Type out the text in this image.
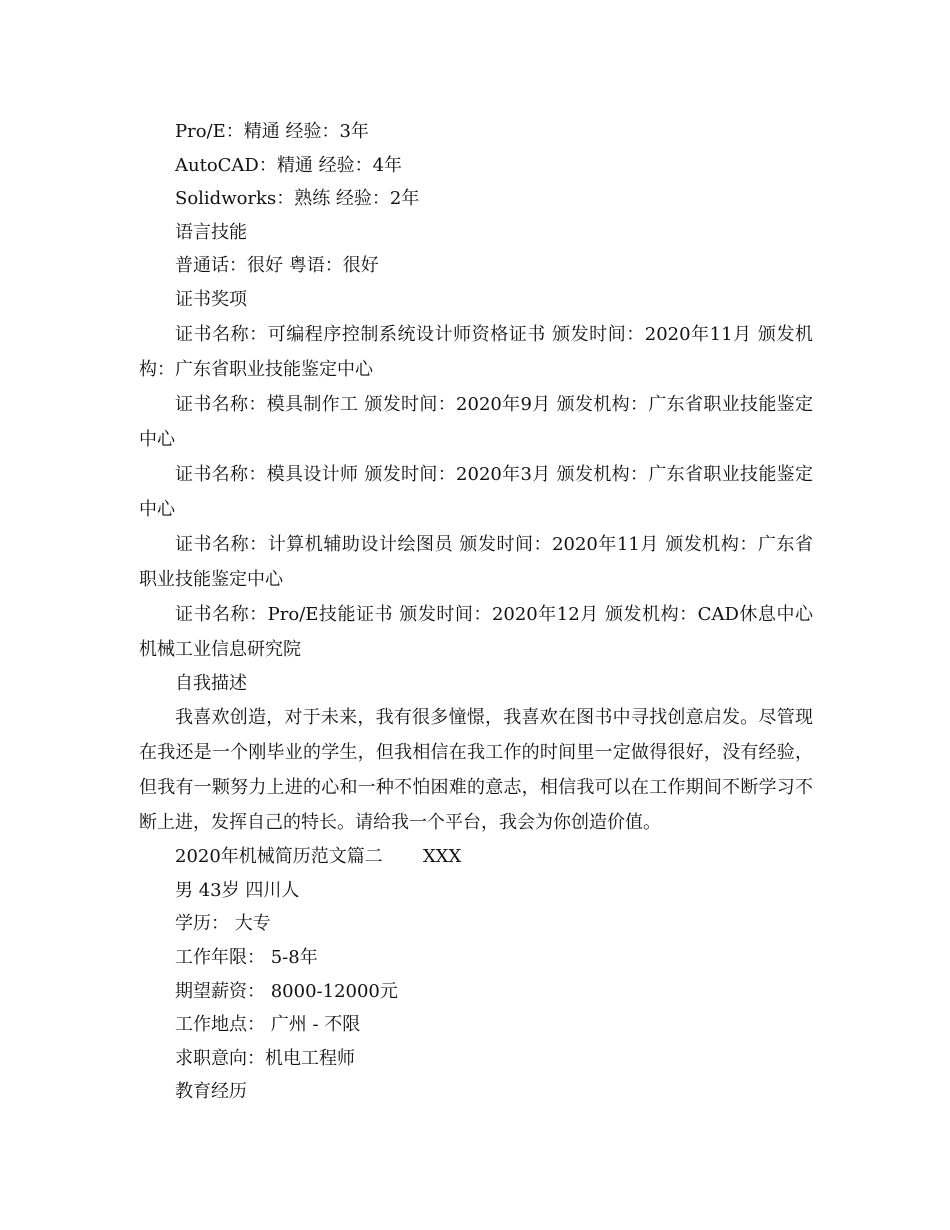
Pro/E：精通 经验：3年
AutoCAD：精通 经验：4年
Solidworks：熟练 经验：2年
语言技能
普通话：很好 粤语：很好
证书奖项

证书名称：可编程序控制系统设计师资格证书 颁发时间：2020年11月 颁发机构：广东省职业技能鉴定中心

证书名称：模具制作工 颁发时间：2020年9月 颁发机构：广东省职业技能鉴定中心

证书名称：模具设计师 颁发时间：2020年3月 颁发机构：广东省职业技能鉴定中心

证书名称：计算机辅助设计绘图员 颁发时间：2020年11月 颁发机构：广东省职业技能鉴定中心

证书名称：Pro/E技能证书 颁发时间：2020年12月 颁发机构：CAD休息中心机械工业信息研究院

自我描述

我喜欢创造，对于未来，我有很多憧憬，我喜欢在图书中寻找创意启发。尽管现在我还是一个刚毕业的学生，但我相信在我工作的时间里一定做得很好，没有经验，但我有一颗努力上进的心和一种不怕困难的意志，相信我可以在工作期间不断学习不断上进，发挥自己的特长。请给我一个平台，我会为你创造价值。

2020年机械简历范文篇二 XXX
男 43岁 四川人
学历： 大专
工作年限： 5-8年
期望薪资： 8000-12000元
工作地点： 广州 - 不限
求职意向：机电工程师
教育经历
